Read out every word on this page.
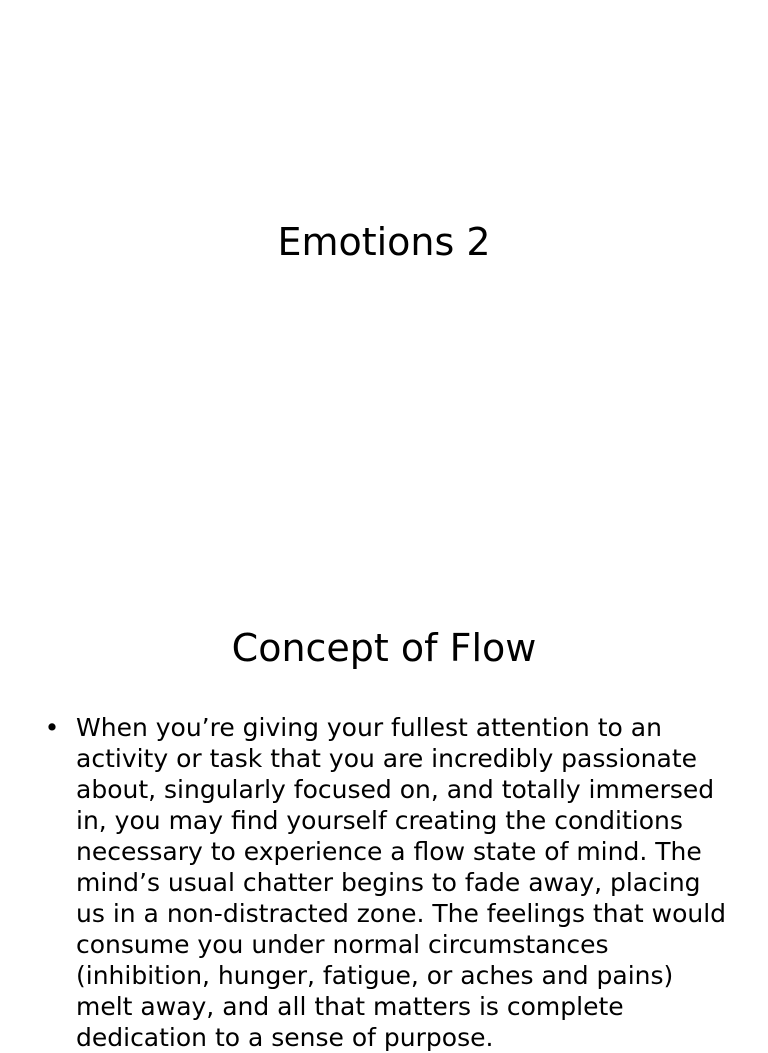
Emotions 2
Concept of Flow
• When you’re giving your fullest attention to an activity or task that you are incredibly passionate about, singularly focused on, and totally immersed in, you may find yourself creating the conditions necessary to experience a flow state of mind. The mind’s usual chatter begins to fade away, placing us in a non-distracted zone. The feelings that would consume you under normal circumstances (inhibition, hunger, fatigue, or aches and pains) melt away, and all that matters is complete dedication to a sense of purpose.
